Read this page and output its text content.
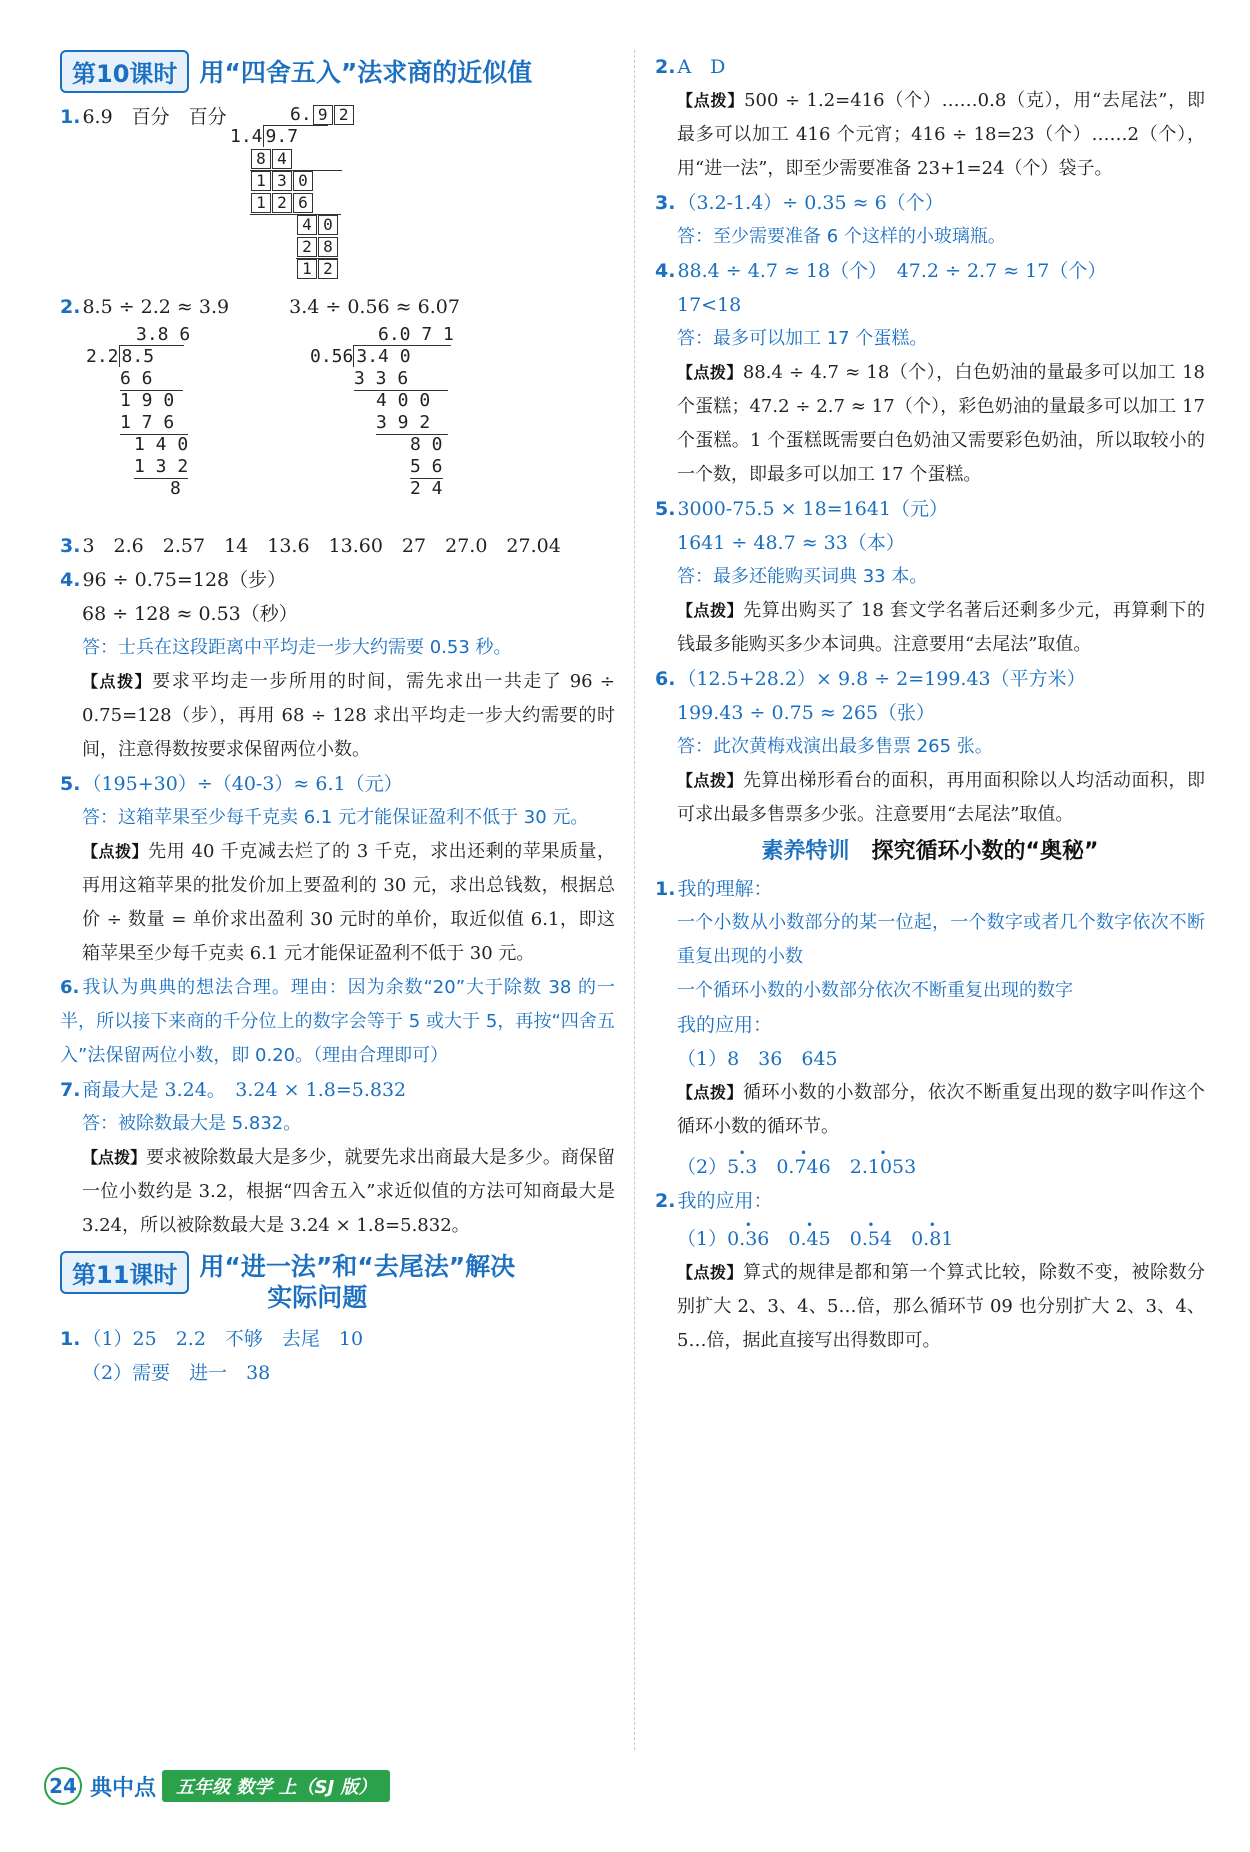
第10课时 用“四舍五入”法求商的近似值
1. 6.9　百分　百分	6. 9 2
1.4 9.7
8 4
1 3 0
1 2 6
4 0
2 8
1 2
2. 8.5 ÷ 2.2 ≈ 3.9	3.4 ÷ 0.56 ≈ 6.07
3.8 6
2.2 8.5
6 6
1 9 0
1 7 6
1 4 0
1 3 2
8
6.0 7 1
0.56 3.4 0
3 3 6
4 0 0
3 9 2
8 0
5 6
2 4
3. 3　2.6　2.57　14　13.6　13.60　27　27.0　27.04
4. 96 ÷ 0.75=128（步）
68 ÷ 128 ≈ 0.53（秒）
答：士兵在这段距离中平均走一步大约需要 0.53 秒。
【点拨】要求平均走一步所用的时间，需先求出一共走了 96 ÷ 0.75=128（步），再用 68 ÷ 128 求出平均走一步大约需要的时间，注意得数按要求保留两位小数。
5. （195+30）÷（40-3）≈ 6.1（元）
答：这箱苹果至少每千克卖 6.1 元才能保证盈利不低于 30 元。
【点拨】先用 40 千克减去烂了的 3 千克，求出还剩的苹果质量，再用这箱苹果的批发价加上要盈利的 30 元，求出总钱数，根据总价 ÷ 数量 = 单价求出盈利 30 元时的单价，取近似值 6.1，即这箱苹果至少每千克卖 6.1 元才能保证盈利不低于 30 元。
6. 我认为典典的想法合理。理由：因为余数“20”大于除数 38 的一半，所以接下来商的千分位上的数字会等于 5 或大于 5，再按“四舍五入”法保留两位小数，即 0.20。（理由合理即可）
7. 商最大是 3.24。　3.24 × 1.8=5.832
答：被除数最大是 5.832。
【点拨】要求被除数最大是多少，就要先求出商最大是多少。商保留一位小数约是 3.2，根据“四舍五入”求近似值的方法可知商最大是 3.24，所以被除数最大是 3.24 × 1.8=5.832。
第11课时 用“进一法”和“去尾法”解决
实际问题
1. （1）25　2.2　不够　去尾　10
（2）需要　进一　38
2. A　D
【点拨】500 ÷ 1.2=416（个）……0.8（克），用“去尾法”，即最多可以加工 416 个元宵；416 ÷ 18=23（个）……2（个），用“进一法”，即至少需要准备 23+1=24（个）袋子。
3. （3.2-1.4）÷ 0.35 ≈ 6（个）
答：至少需要准备 6 个这样的小玻璃瓶。
4. 88.4 ÷ 4.7 ≈ 18（个）　47.2 ÷ 2.7 ≈ 17（个）
17<18
答：最多可以加工 17 个蛋糕。
【点拨】88.4 ÷ 4.7 ≈ 18（个），白色奶油的量最多可以加工 18 个蛋糕；47.2 ÷ 2.7 ≈ 17（个），彩色奶油的量最多可以加工 17 个蛋糕。1 个蛋糕既需要白色奶油又需要彩色奶油，所以取较小的一个数，即最多可以加工 17 个蛋糕。
5. 3000-75.5 × 18=1641（元）
1641 ÷ 48.7 ≈ 33（本）
答：最多还能购买词典 33 本。
【点拨】先算出购买了 18 套文学名著后还剩多少元，再算剩下的钱最多能购买多少本词典。注意要用“去尾法”取值。
6. （12.5+28.2）× 9.8 ÷ 2=199.43（平方米）
199.43 ÷ 0.75 ≈ 265（张）
答：此次黄梅戏演出最多售票 265 张。
【点拨】先算出梯形看台的面积，再用面积除以人均活动面积，即可求出最多售票多少张。注意要用“去尾法”取值。
素养特训　 探究循环小数的“奥秘”
1. 我的理解：
一个小数从小数部分的某一位起，一个数字或者几个数字依次不断重复出现的小数
一个循环小数的小数部分依次不断重复出现的数字
我的应用：
（1）8　36　645
【点拨】循环小数的小数部分，依次不断重复出现的数字叫作这个循环小数的循环节。
（2）• 5.3　 • 0.746　 • 2.1053
2. 我的应用：
（1）• 0.36　 • 0.45　 • 0.54　 • 0.81
【点拨】算式的规律是都和第一个算式比较，除数不变，被除数分别扩大 2、3、4、5…倍，那么循环节 09 也分别扩大 2、3、4、5…倍，据此直接写出得数即可。
24 典中点	五年级 数学 上（SJ 版）
